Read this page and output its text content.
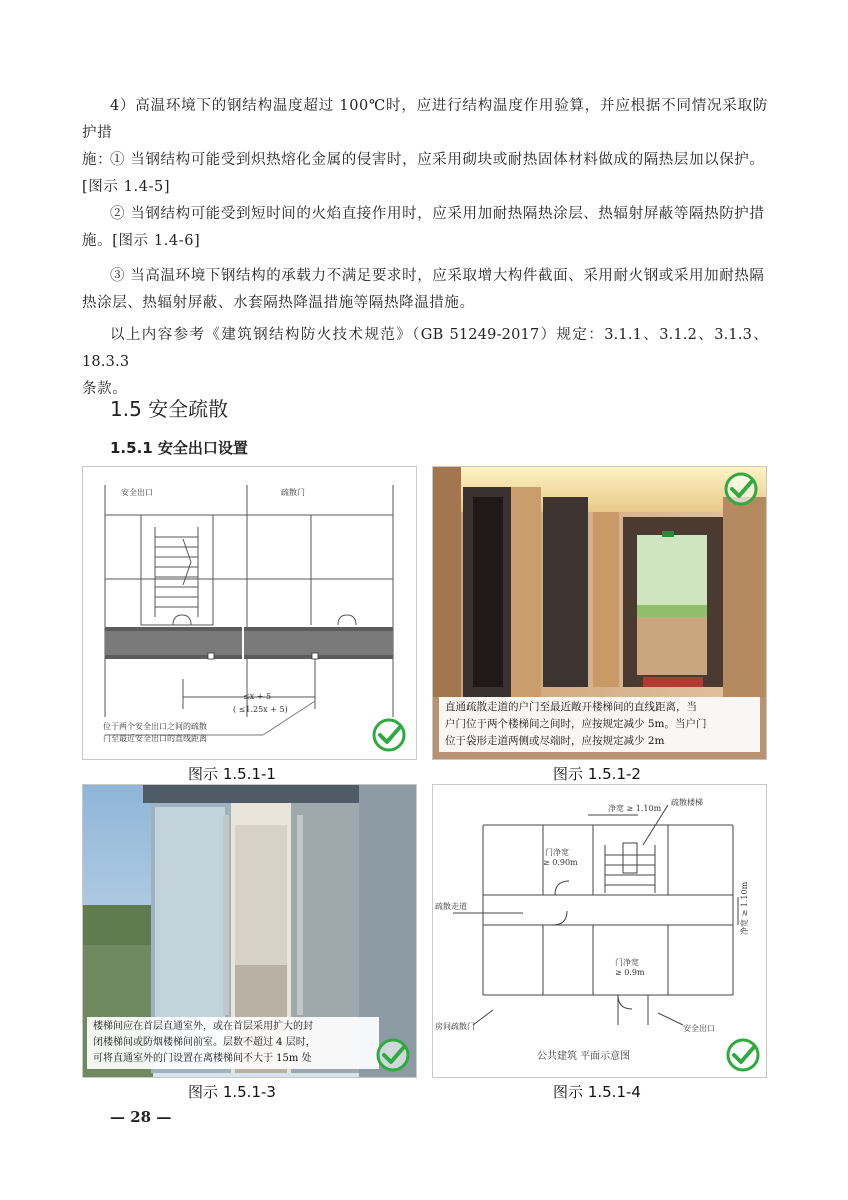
4）高温环境下的钢结构温度超过 100℃时，应进行结构温度作用验算，并应根据不同情况采取防护措
施：
① 当钢结构可能受到炽热熔化金属的侵害时，应采用砌块或耐热固体材料做成的隔热层加以保护。
[图示 1.4-5]
② 当钢结构可能受到短时间的火焰直接作用时，应采用加耐热隔热涂层、热辐射屏蔽等隔热防护措
施。[图示 1.4-6]
③ 当高温环境下钢结构的承载力不满足要求时，应采取增大构件截面、采用耐火钢或采用加耐热隔
热涂层、热辐射屏蔽、水套隔热降温措施等隔热降温措施。
以上内容参考《建筑钢结构防火技术规范》（GB 51249-2017）规定：3.1.1、3.1.2、3.1.3、18.3.3
条款。
1.5 安全疏散
1.5.1 安全出口设置
安全出口	疏散门
≤x + 5
( ≤1.25x + 5)
位于两个安全出口之间的疏散
门至最近安全出口的直线距离
图示 1.5.1-1
直通疏散走道的户门至最近敞开楼梯间的直线距离，当
户门位于两个楼梯间之间时，应按规定减少 5m。当户门
位于袋形走道两侧或尽端时，应按规定减少 2m
图示 1.5.1-2
楼梯间应在首层直通室外，或在首层采用扩大的封
闭楼梯间或防烟楼梯间前室。层数不超过 4 层时，
可将直通室外的门设置在离楼梯间不大于 15m 处
图示 1.5.1-3
净宽 ≥ 1.10m
疏散楼梯
门净宽
≥ 0.90m
疏散走道	净宽 ≥ 1.10m
门净宽
≥ 0.9m
房间疏散门	安全出口
公共建筑 平面示意图
图示 1.5.1-4
— 28 —
